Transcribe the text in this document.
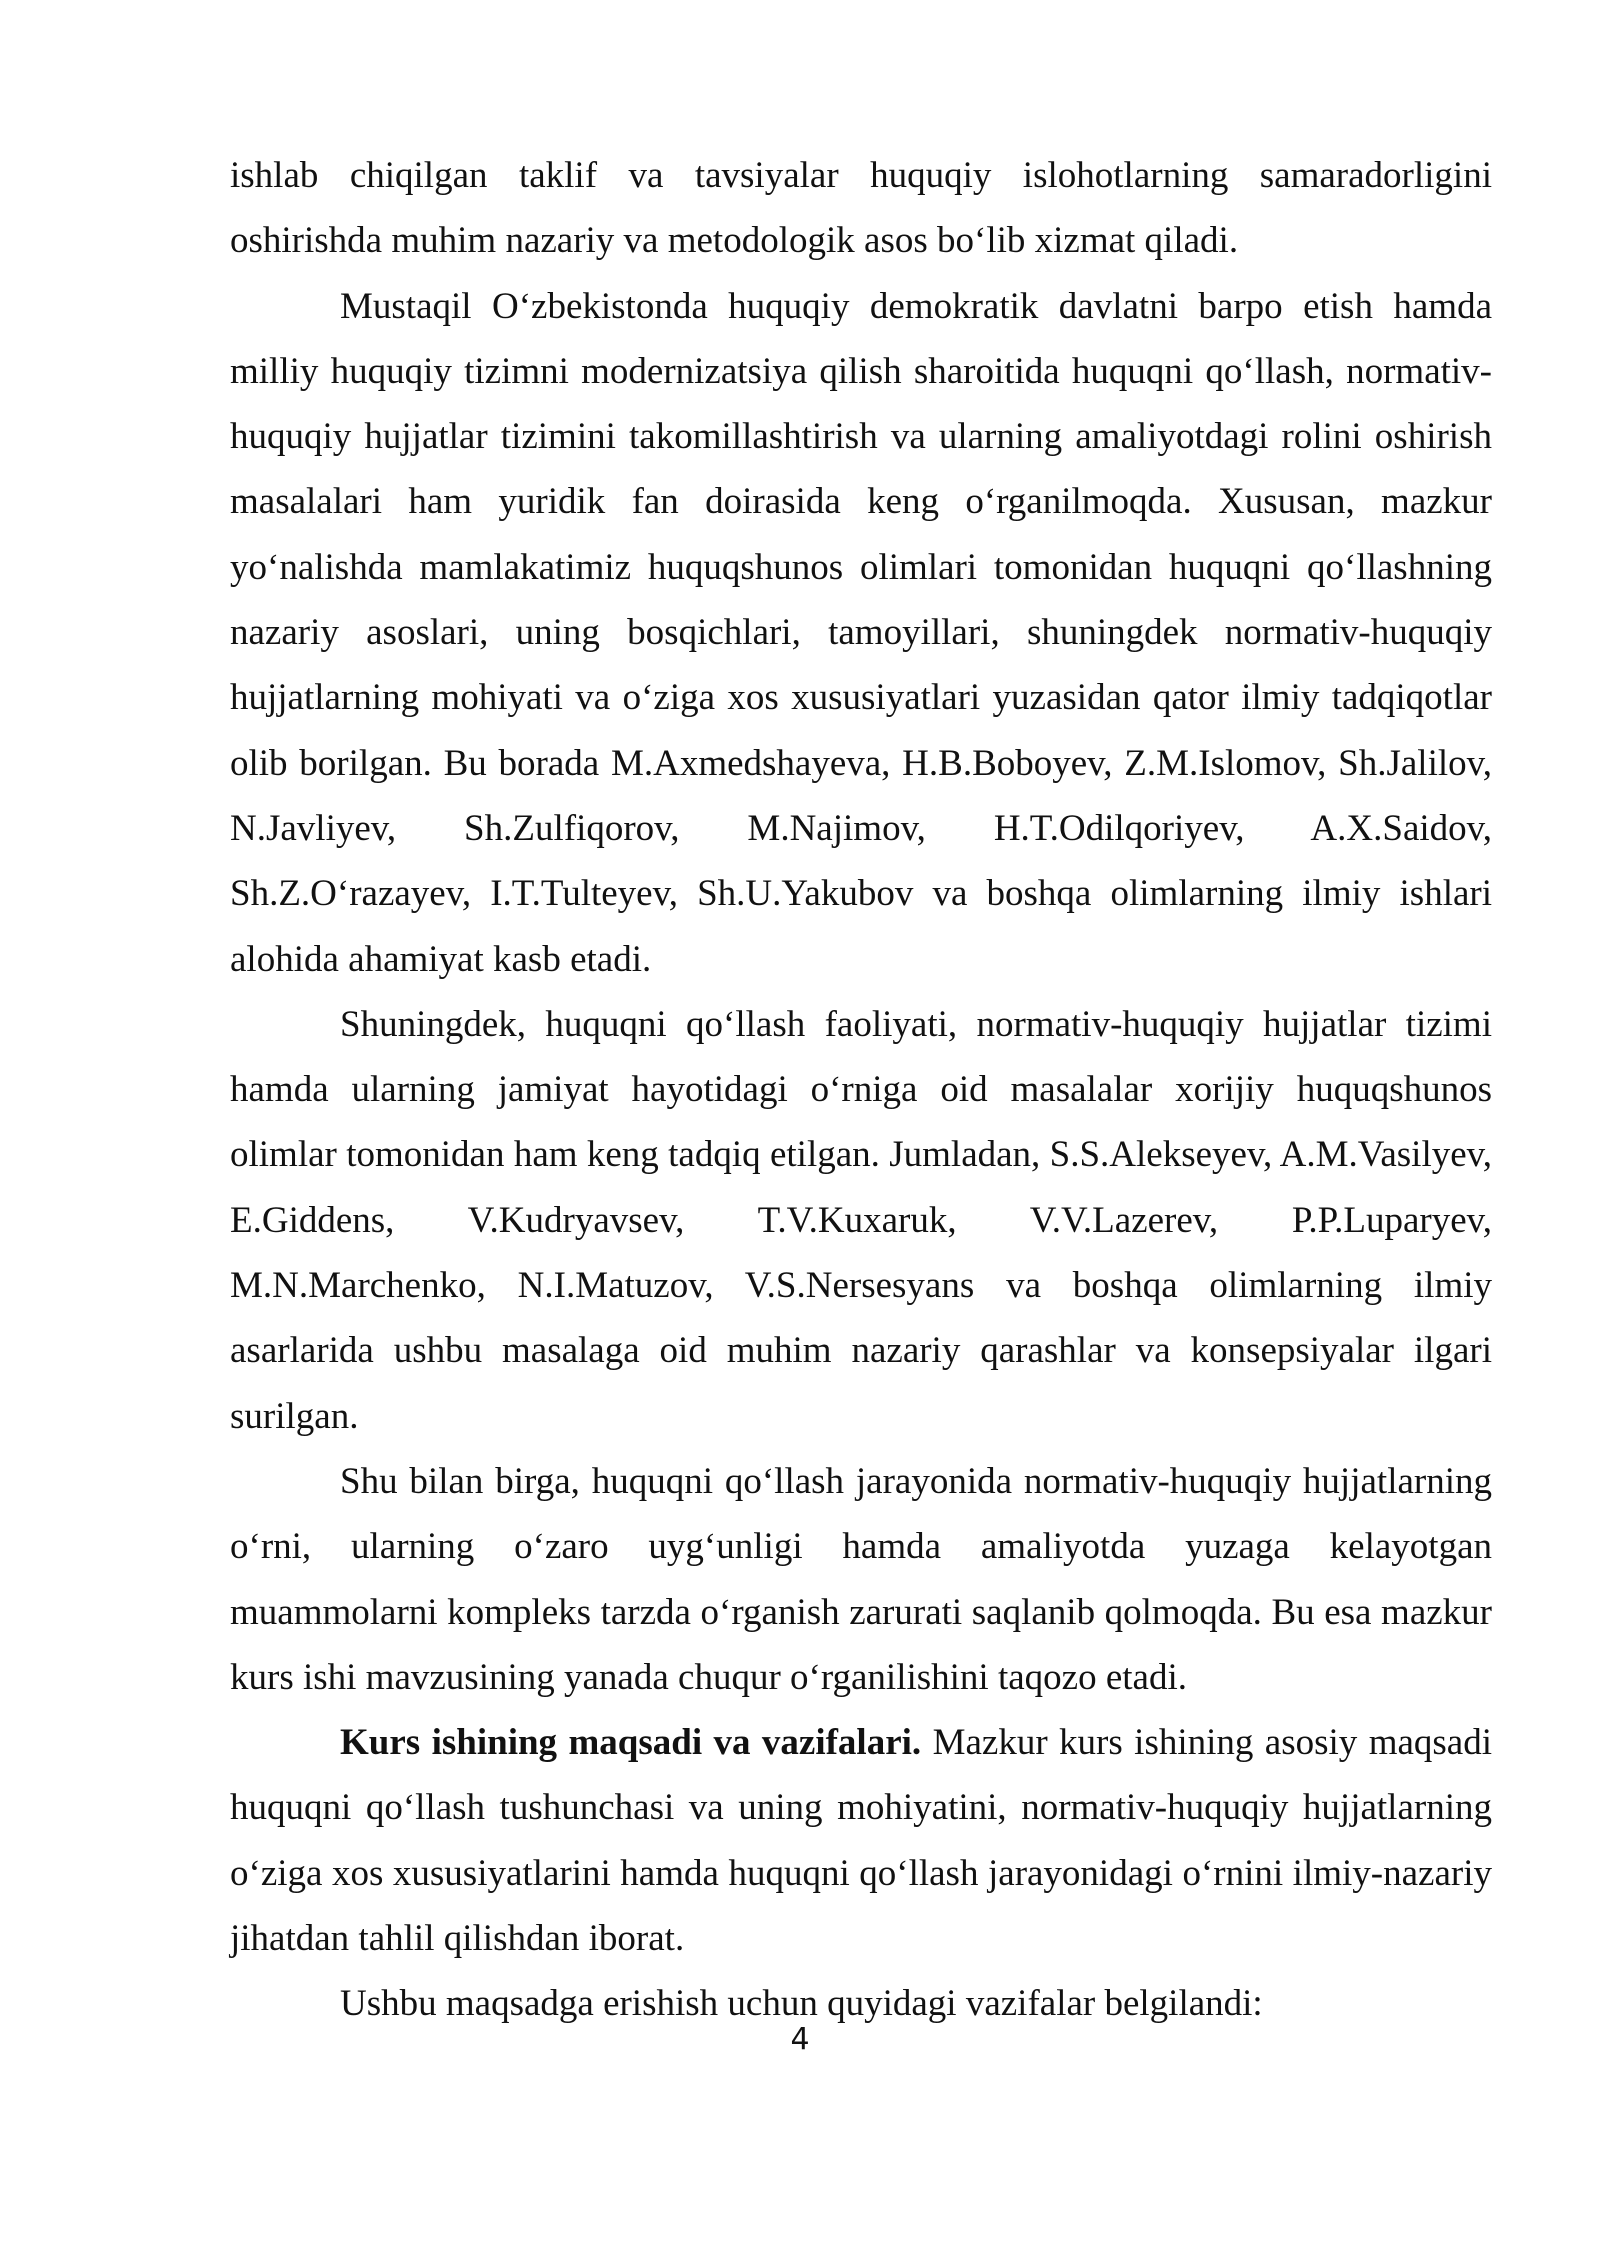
ishlab chiqilgan taklif va tavsiyalar huquqiy islohotlarning samaradorligini oshirishda muhim nazariy va metodologik asos bo‘lib xizmat qiladi.

Mustaqil O‘zbekistonda huquqiy demokratik davlatni barpo etish hamda milliy huquqiy tizimni modernizatsiya qilish sharoitida huquqni qo‘llash, normativ-huquqiy hujjatlar tizimini takomillashtirish va ularning amaliyotdagi rolini oshirish masalalari ham yuridik fan doirasida keng o‘rganilmoqda. Xususan, mazkur yo‘nalishda mamlakatimiz huquqshunos olimlari tomonidan huquqni qo‘llashning nazariy asoslari, uning bosqichlari, tamoyillari, shuningdek normativ-huquqiy hujjatlarning mohiyati va o‘ziga xos xususiyatlari yuzasidan qator ilmiy tadqiqotlar olib borilgan. Bu borada M.Axmedshayeva, H.B.Boboyev, Z.M.Islomov, Sh.Jalilov, N.Javliyev, Sh.Zulfiqorov, M.Najimov, H.T.Odilqoriyev, A.X.Saidov, Sh.Z.O‘razayev, I.T.Tulteyev, Sh.U.Yakubov va boshqa olimlarning ilmiy ishlari alohida ahamiyat kasb etadi.

Shuningdek, huquqni qo‘llash faoliyati, normativ-huquqiy hujjatlar tizimi hamda ularning jamiyat hayotidagi o‘rniga oid masalalar xorijiy huquqshunos olimlar tomonidan ham keng tadqiq etilgan. Jumladan, S.S.Alekseyev, A.M.Vasilyev, E.Giddens, V.Kudryavsev, T.V.Kuxaruk, V.V.Lazerev, P.P.Luparyev, M.N.Marchenko, N.I.Matuzov, V.S.Nersesyans va boshqa olimlarning ilmiy asarlarida ushbu masalaga oid muhim nazariy qarashlar va konsepsiyalar ilgari surilgan.

Shu bilan birga, huquqni qo‘llash jarayonida normativ-huquqiy hujjatlarning o‘rni, ularning o‘zaro uyg‘unligi hamda amaliyotda yuzaga kelayotgan muammolarni kompleks tarzda o‘rganish zarurati saqlanib qolmoqda. Bu esa mazkur kurs ishi mavzusining yanada chuqur o‘rganilishini taqozo etadi.

Kurs ishining maqsadi va vazifalari. Mazkur kurs ishining asosiy maqsadi huquqni qo‘llash tushunchasi va uning mohiyatini, normativ-huquqiy hujjatlarning o‘ziga xos xususiyatlarini hamda huquqni qo‘llash jarayonidagi o‘rnini ilmiy-nazariy jihatdan tahlil qilishdan iborat.

Ushbu maqsadga erishish uchun quyidagi vazifalar belgilandi:

4
